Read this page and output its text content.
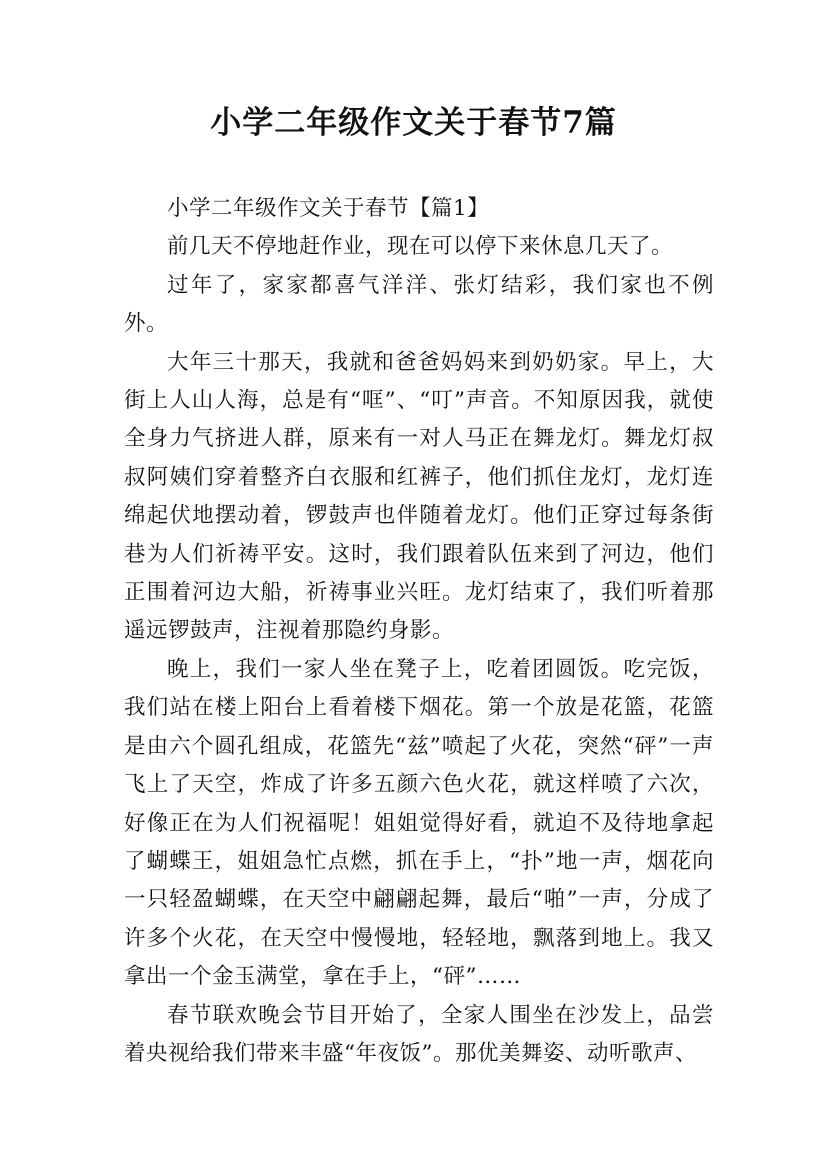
小学二年级作文关于春节7篇

小学二年级作文关于春节【篇1】

前几天不停地赶作业，现在可以停下来休息几天了。

过年了，家家都喜气洋洋、张灯结彩，我们家也不例外。

大年三十那天，我就和爸爸妈妈来到奶奶家。早上，大街上人山人海，总是有“哐”、“叮”声音。不知原因我，就使全身力气挤进人群，原来有一对人马正在舞龙灯。舞龙灯叔叔阿姨们穿着整齐白衣服和红裤子，他们抓住龙灯，龙灯连绵起伏地摆动着，锣鼓声也伴随着龙灯。他们正穿过每条街巷为人们祈祷平安。这时，我们跟着队伍来到了河边，他们正围着河边大船，祈祷事业兴旺。龙灯结束了，我们听着那遥远锣鼓声，注视着那隐约身影。

晚上，我们一家人坐在凳子上，吃着团圆饭。吃完饭，我们站在楼上阳台上看着楼下烟花。第一个放是花篮，花篮是由六个圆孔组成，花篮先“兹”喷起了火花，突然“砰”一声飞上了天空，炸成了许多五颜六色火花，就这样喷了六次，好像正在为人们祝福呢！姐姐觉得好看，就迫不及待地拿起了蝴蝶王，姐姐急忙点燃，抓在手上，“扑”地一声，烟花向一只轻盈蝴蝶，在天空中翩翩起舞，最后“啪”一声，分成了许多个火花，在天空中慢慢地，轻轻地，飘落到地上。我又拿出一个金玉满堂，拿在手上，“砰”……

春节联欢晚会节目开始了，全家人围坐在沙发上，品尝着央视给我们带来丰盛“年夜饭”。那优美舞姿、动听歌声、
